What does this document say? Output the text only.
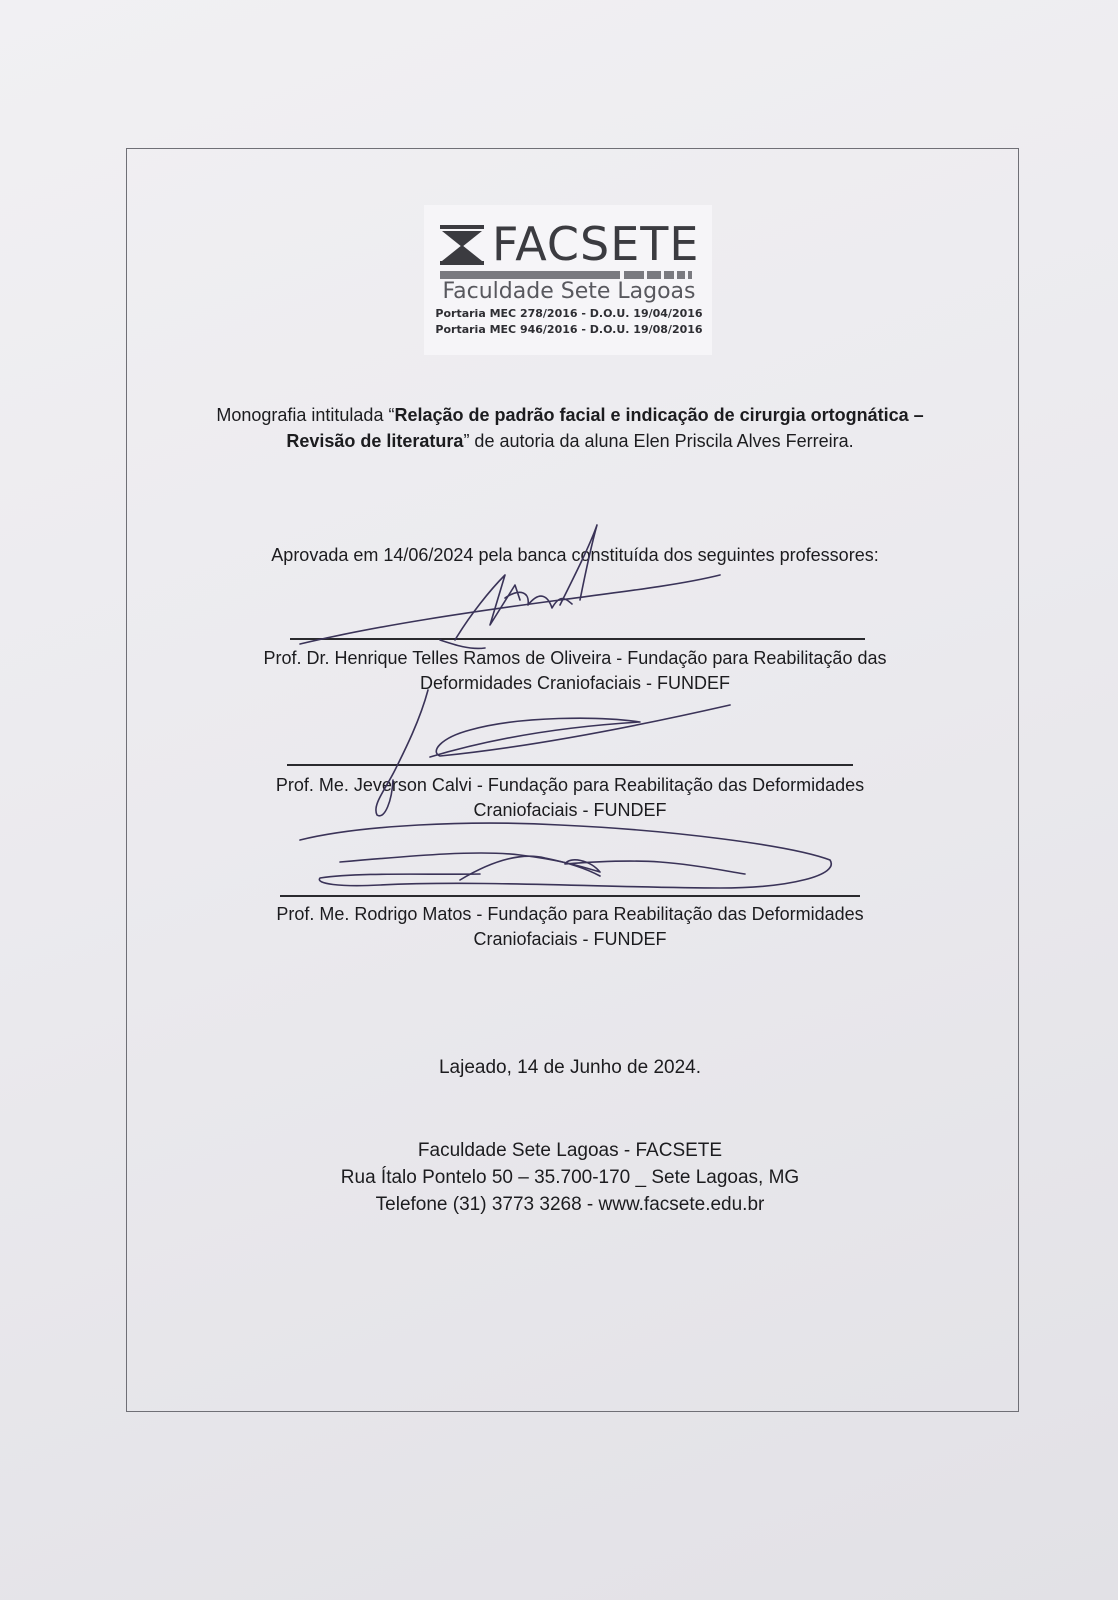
FACSETE
Faculdade Sete Lagoas
Portaria MEC 278/2016 - D.O.U. 19/04/2016
Portaria MEC 946/2016 - D.O.U. 19/08/2016
Monografia intitulada “Relação de padrão facial e indicação de cirurgia ortognática – Revisão de literatura” de autoria da aluna Elen Priscila Alves Ferreira.
Aprovada em 14/06/2024 pela banca constituída dos seguintes professores:
Prof. Dr. Henrique Telles Ramos de Oliveira - Fundação para Reabilitação das
Deformidades Craniofaciais - FUNDEF
Prof. Me. Jeverson Calvi - Fundação para Reabilitação das Deformidades
Craniofaciais - FUNDEF
Prof. Me. Rodrigo Matos - Fundação para Reabilitação das Deformidades
Craniofaciais - FUNDEF
Lajeado, 14 de Junho de 2024.
Faculdade Sete Lagoas - FACSETE
Rua Ítalo Pontelo 50 – 35.700-170 _ Sete Lagoas, MG
Telefone (31) 3773 3268 - www.facsete.edu.br
